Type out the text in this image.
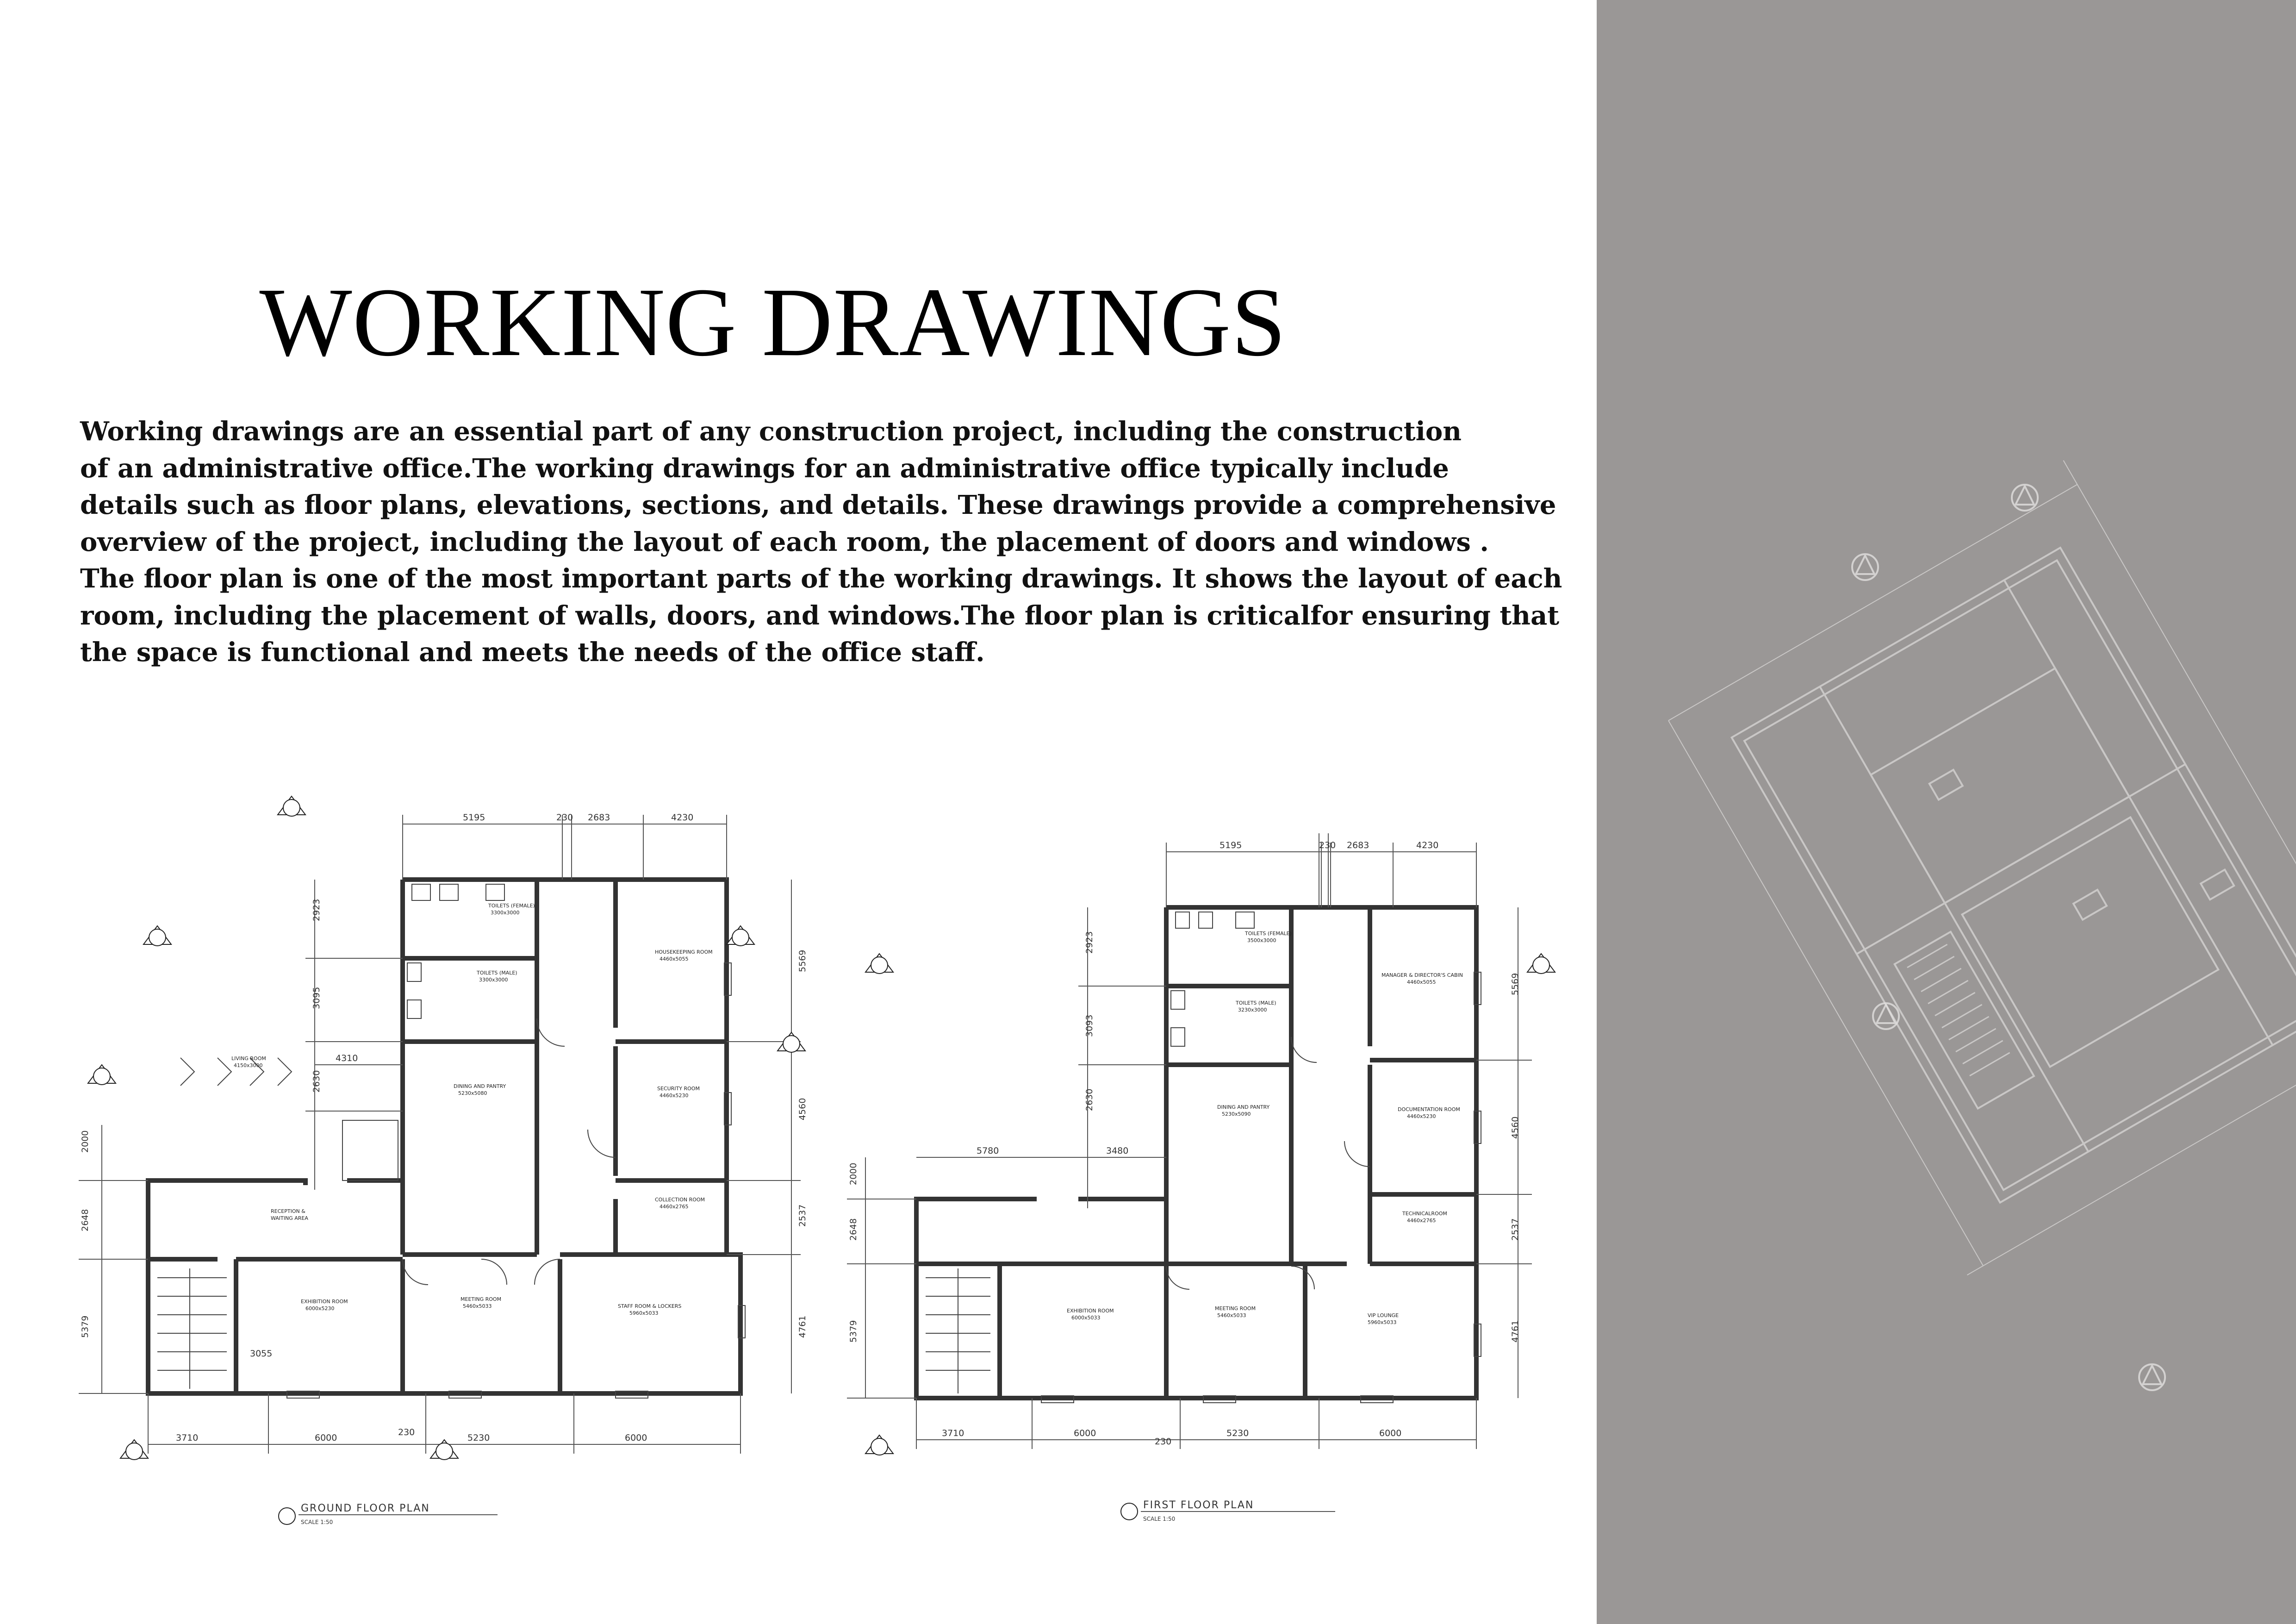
WORKING DRAWINGS
Working drawings are an essential part of any construction project, including the construction
of an administrative office.The working drawings for an administrative office typically include
details such as floor plans, elevations, sections, and details. These drawings provide a comprehensive
overview of the project, including the layout of each room, the placement of doors and windows .
The floor plan is one of the most important parts of the working drawings. It shows the layout of each
room, including the placement of walls, doors, and windows.The floor plan is criticalfor ensuring that
the space is functional and meets the needs of the office staff.
5195	230 2683	4230
3710	6000	5230	6000
230
2923
3095
2630
2000
2648
5379
5569
4560
2537
4761
4310
3055
TOILETS (FEMALE)
3300x3000
TOILETS (MALE)
3300x3000
HOUSEKEEPING ROOM
4460x5055
DINING AND PANTRY
5230x5080
SECURITY ROOM
4460x5230
COLLECTION ROOM
4460x2765
LIVING ROOM
4150x3000
RECEPTION &
WAITING AREA
EXHIBITION ROOM
6000x5230
MEETING ROOM
5460x5033	STAFF ROOM & LOCKERS
5960x5033
GROUND FLOOR PLAN
SCALE 1:50
5195	230 2683	4230
3710	6000	5230	6000
230
2923
3093
2630
2000
2648
5379
5569
4560
2537
4761
5780	3480
TOILETS (FEMALE)
3500x3000
TOILETS (MALE)
3230x3000
MANAGER & DIRECTOR'S CABIN
4460x5055
DINING AND PANTRY
5230x5090
DOCUMENTATION ROOM
4460x5230
TECHNICALROOM
4460x2765
EXHIBITION ROOM
6000x5033
MEETING ROOM
5460x5033	VIP LOUNGE
5960x5033
FIRST FLOOR PLAN
SCALE 1:50
